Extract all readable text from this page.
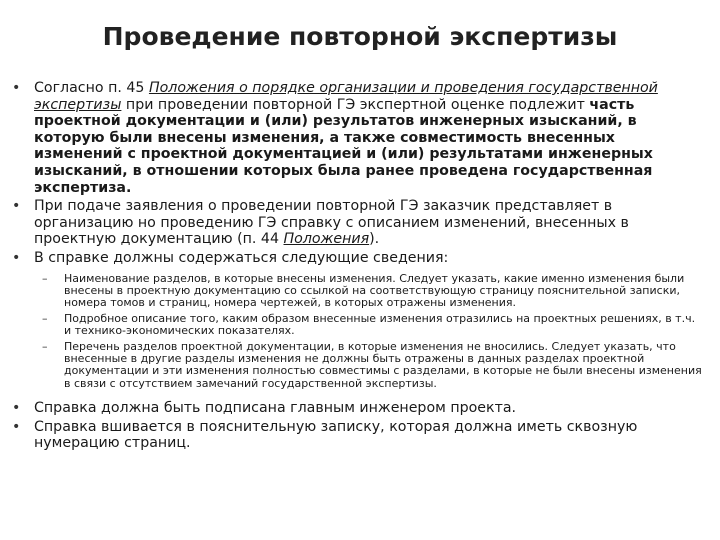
Проведение повторной экспертизы
• Согласно п. 45 Положения о порядке организации и проведения государственной экспертизы при проведении повторной ГЭ экспертной оценке подлежит часть проектной документации и (или) результатов инженерных изысканий, в которую были внесены изменения, а также совместимость внесенных изменений с проектной документацией и (или) результатами инженерных изысканий, в отношении которых была ранее проведена государственная экспертиза.
• При подаче заявления о проведении повторной ГЭ заказчик представляет в организацию но проведению ГЭ справку с описанием изменений, внесенных в проектную документацию (п. 44 Положения).
• В справке должны содержаться следующие сведения:
– Наименование разделов, в которые внесены изменения. Следует указать, какие именно изменения были внесены в проектную документацию со ссылкой на соответствующую страницу пояснительной записки, номера томов и страниц, номера чертежей, в которых отражены изменения.
– Подробное описание того, каким образом внесенные изменения отразились на проектных решениях, в т.ч. и технико-экономических показателях.
– Перечень разделов проектной документации, в которые изменения не вносились. Следует указать, что внесенные в другие разделы изменения не должны быть отражены в данных разделах проектной документации и эти изменения полностью совместимы с разделами, в которые не были внесены изменения в связи с отсутствием замечаний государственной экспертизы.
• Справка должна быть подписана главным инженером проекта.
• Справка вшивается в пояснительную записку, которая должна иметь сквозную нумерацию страниц.
